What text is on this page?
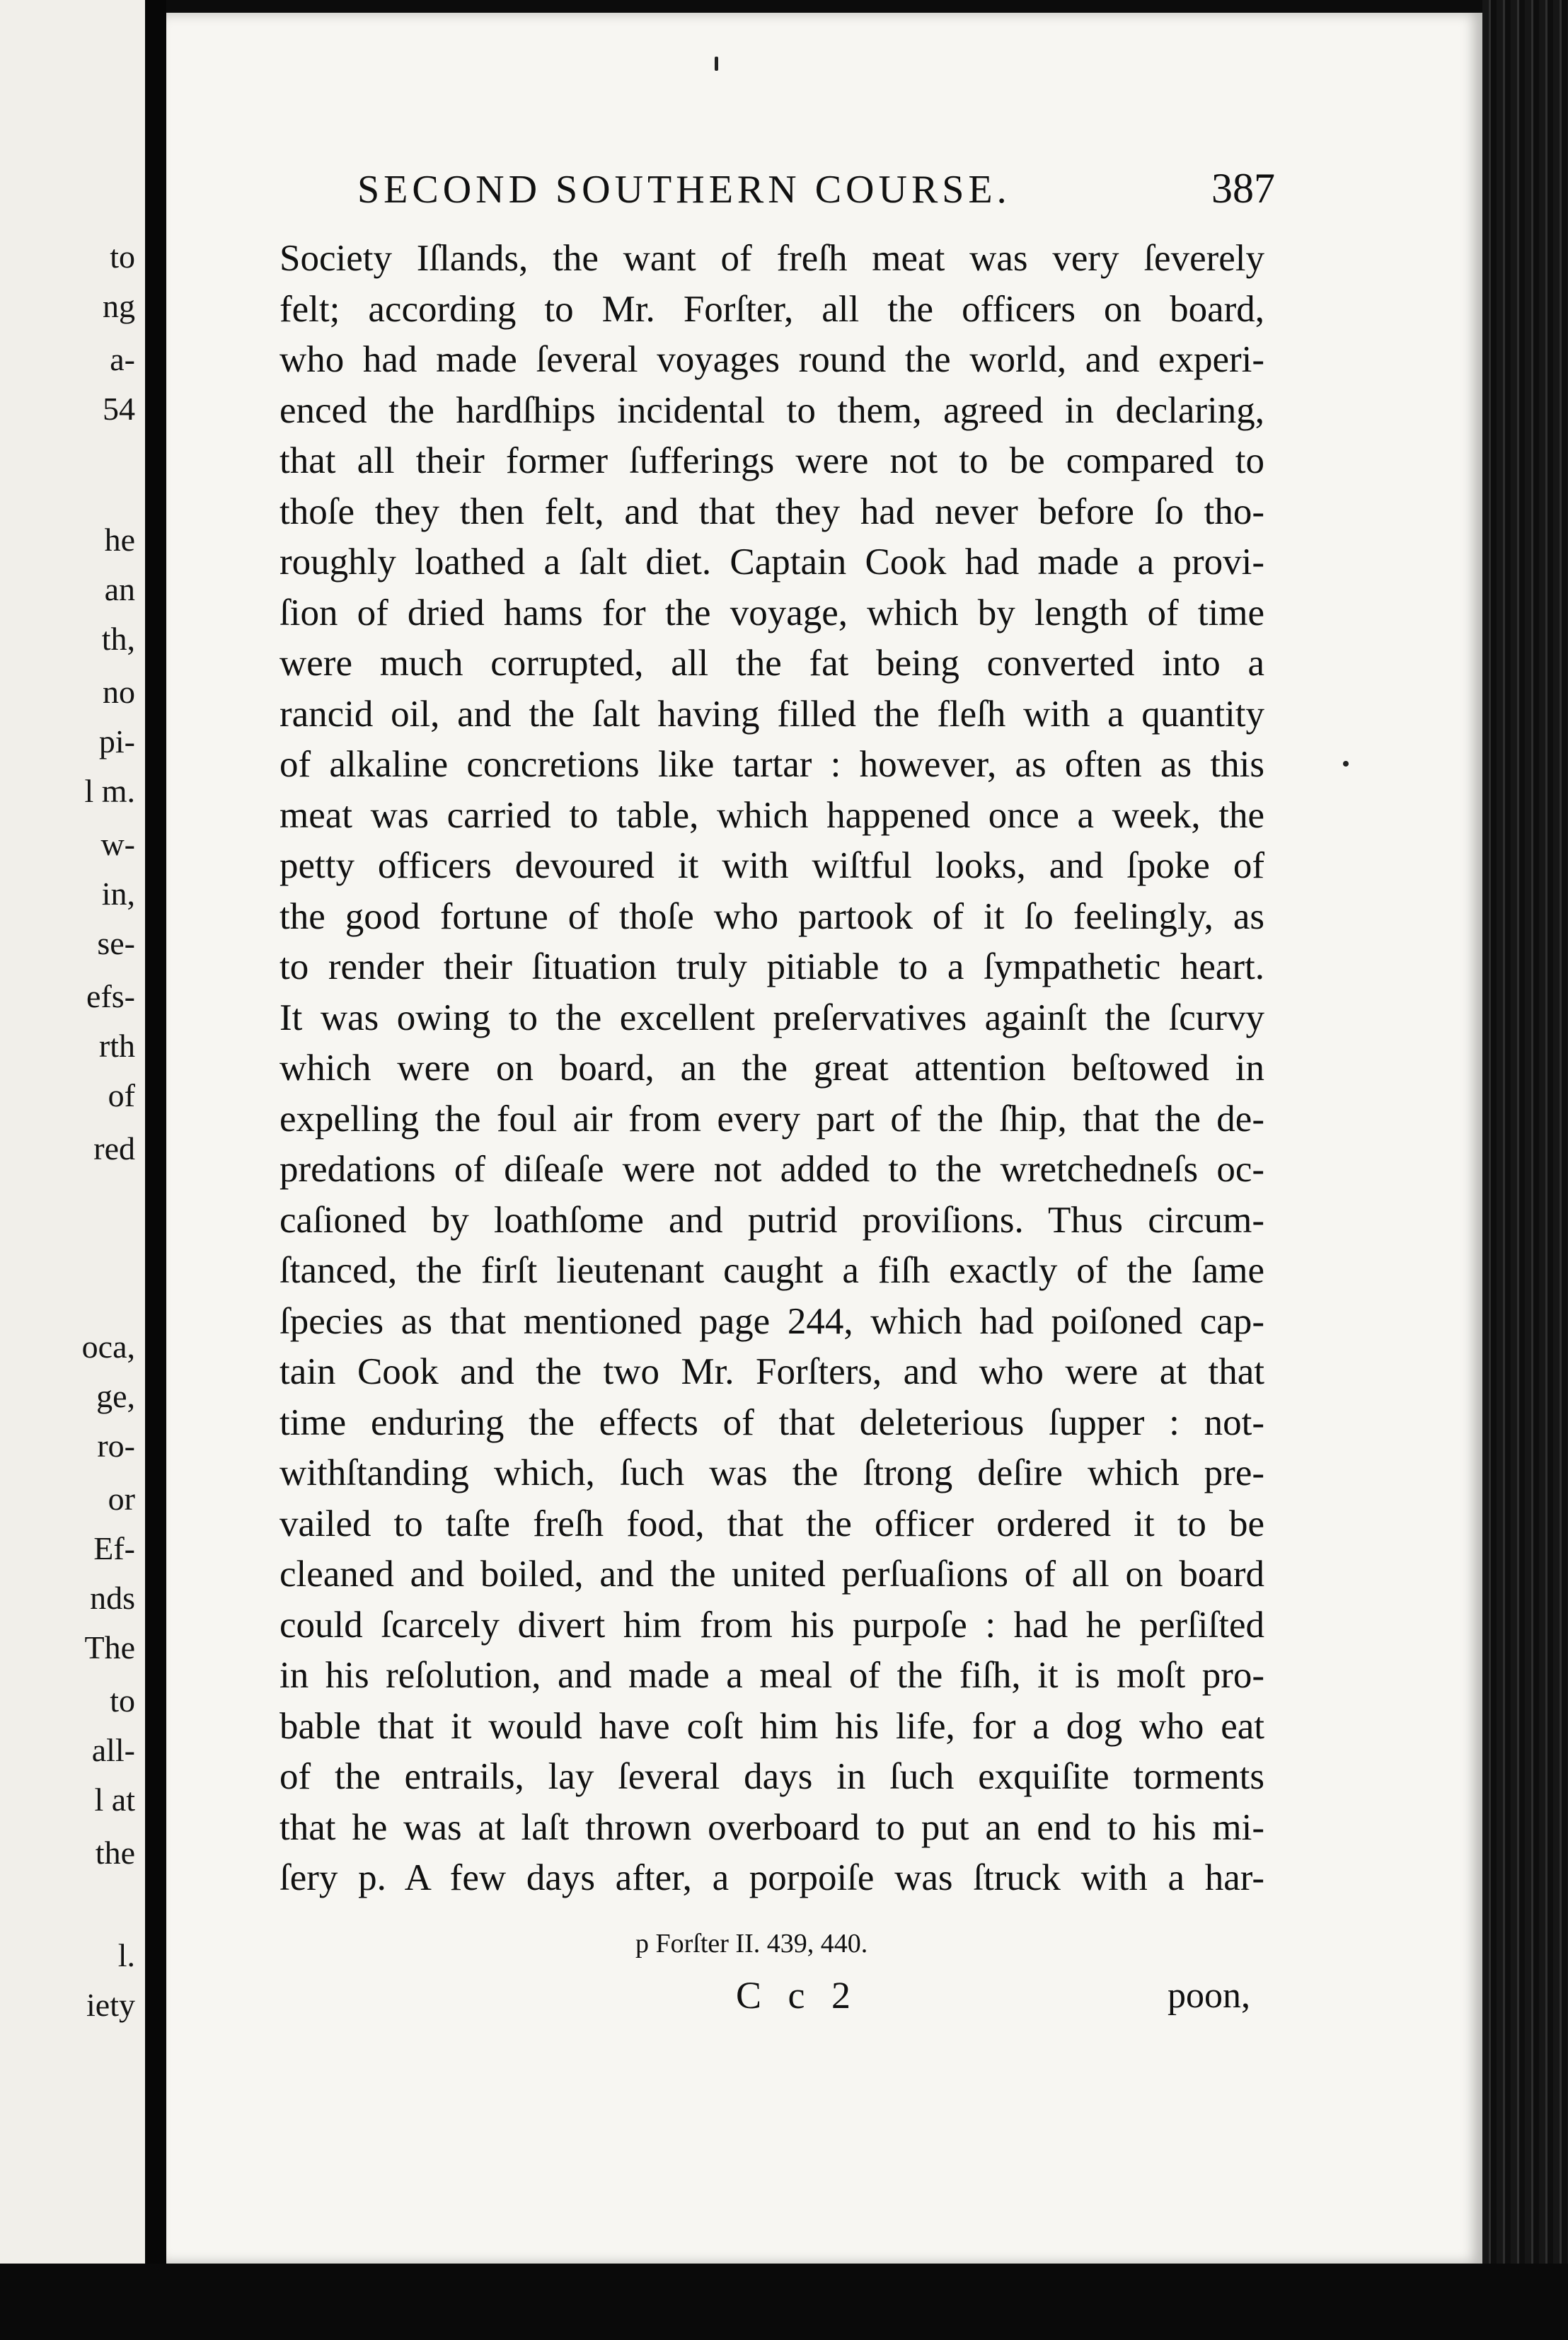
to
ng
a-
54
he
an
th,
no
pi-
l m.
w-
in,
se-
efs-
rth
of
red
oca,
ge,
ro-
or
Ef-
nds
The
to
all-
l at
the
l.
iety
SECOND SOUTHERN COURSE.	387
Society Iſlands, the want of freſh meat was very ſeverely
felt; according to Mr. Forſter, all the officers on board,
who had made ſeveral voyages round the world, and experi-
enced the hardſhips incidental to them, agreed in declaring,
that all their former ſufferings were not to be compared to
thoſe they then felt, and that they had never before ſo tho-
roughly loathed a ſalt diet. Captain Cook had made a provi-
ſion of dried hams for the voyage, which by length of time
were much corrupted, all the fat being converted into a
rancid oil, and the ſalt having filled the fleſh with a quantity
of alkaline concretions like tartar : however, as often as this
meat was carried to table, which happened once a week, the
petty officers devoured it with wiſtful looks, and ſpoke of
the good fortune of thoſe who partook of it ſo feelingly, as
to render their ſituation truly pitiable to a ſympathetic heart.
It was owing to the excellent preſervatives againſt the ſcurvy
which were on board, an the great attention beſtowed in
expelling the foul air from every part of the ſhip, that the de-
predations of diſeaſe were not added to the wretchedneſs oc-
caſioned by loathſome and putrid proviſions. Thus circum-
ſtanced, the firſt lieutenant caught a fiſh exactly of the ſame
ſpecies as that mentioned page 244, which had poiſoned cap-
tain Cook and the two Mr. Forſters, and who were at that
time enduring the effects of that deleterious ſupper : not-
withſtanding which, ſuch was the ſtrong deſire which pre-
vailed to taſte freſh food, that the officer ordered it to be
cleaned and boiled, and the united perſuaſions of all on board
could ſcarcely divert him from his purpoſe : had he perſiſted
in his reſolution, and made a meal of the fiſh, it is moſt pro-
bable that it would have coſt him his life, for a dog who eat
of the entrails, lay ſeveral days in ſuch exquiſite torments
that he was at laſt thrown overboard to put an end to his mi-
ſery p. A few days after, a porpoiſe was ſtruck with a har-
p Forſter II. 439, 440.
C c 2	poon,
